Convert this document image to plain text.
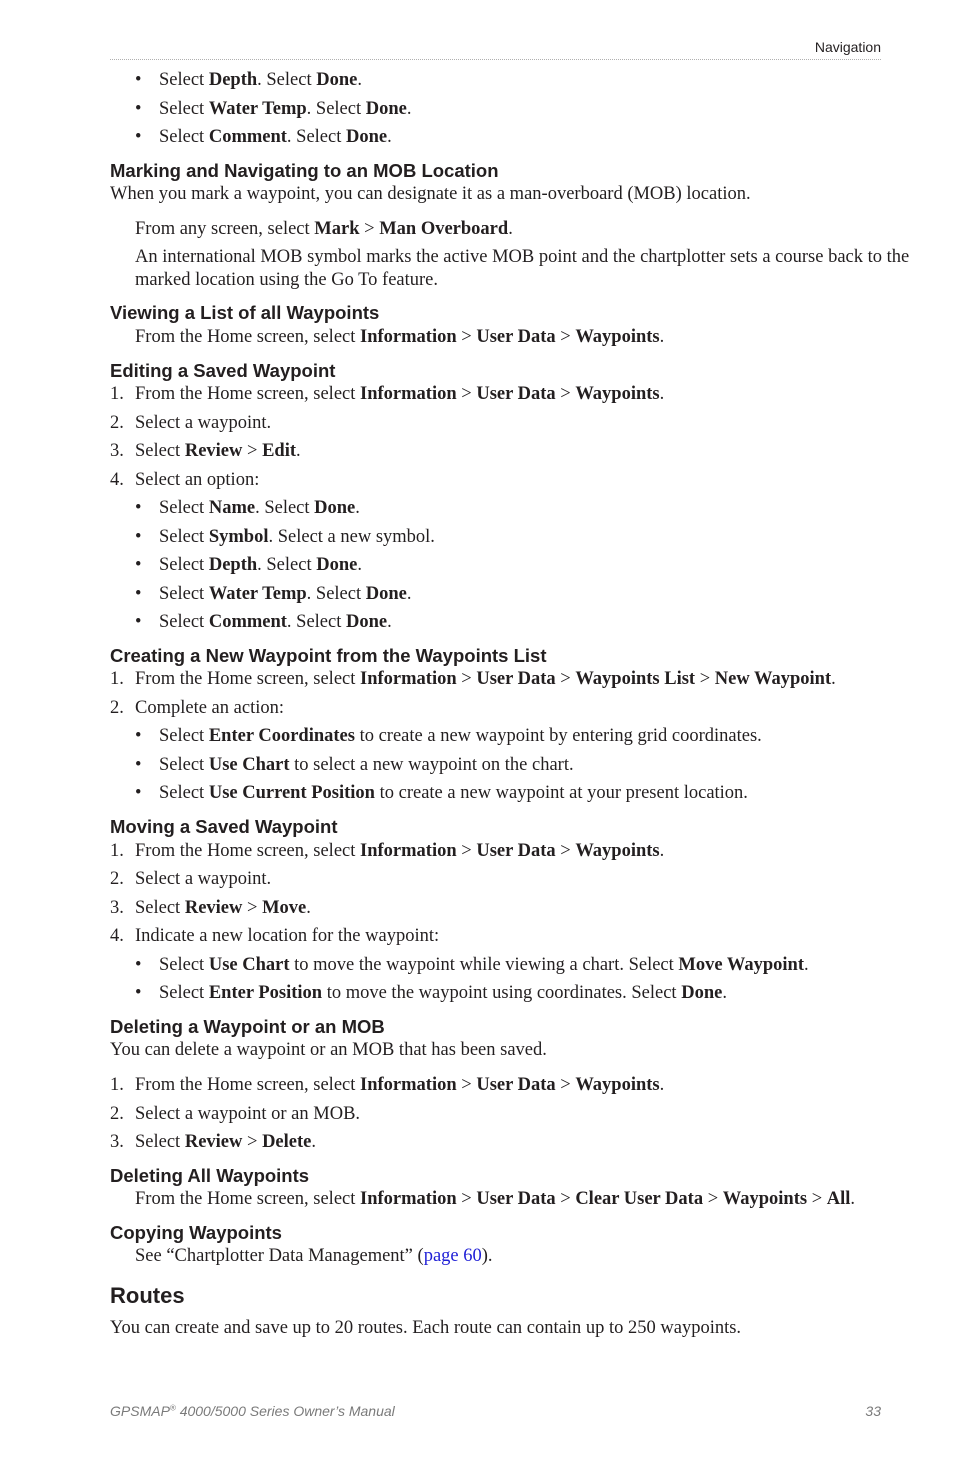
Navigation
• Select Depth. Select Done.
• Select Water Temp. Select Done.
• Select Comment. Select Done.
Marking and Navigating to an MOB Location
When you mark a waypoint, you can designate it as a man-overboard (MOB) location.
From any screen, select Mark > Man Overboard.
An international MOB symbol marks the active MOB point and the chartplotter sets a course back to the
marked location using the Go To feature.
Viewing a List of all Waypoints
From the Home screen, select Information > User Data > Waypoints.
Editing a Saved Waypoint
1. From the Home screen, select Information > User Data > Waypoints.
2. Select a waypoint.
3. Select Review > Edit.
4. Select an option:
• Select Name. Select Done.
• Select Symbol. Select a new symbol.
• Select Depth. Select Done.
• Select Water Temp. Select Done.
• Select Comment. Select Done.
Creating a New Waypoint from the Waypoints List
1. From the Home screen, select Information > User Data > Waypoints List > New Waypoint.
2. Complete an action:
• Select Enter Coordinates to create a new waypoint by entering grid coordinates.
• Select Use Chart to select a new waypoint on the chart.
• Select Use Current Position to create a new waypoint at your present location.
Moving a Saved Waypoint
1. From the Home screen, select Information > User Data > Waypoints.
2. Select a waypoint.
3. Select Review > Move.
4. Indicate a new location for the waypoint:
• Select Use Chart to move the waypoint while viewing a chart. Select Move Waypoint.
• Select Enter Position to move the waypoint using coordinates. Select Done.
Deleting a Waypoint or an MOB
You can delete a waypoint or an MOB that has been saved.
1. From the Home screen, select Information > User Data > Waypoints.
2. Select a waypoint or an MOB.
3. Select Review > Delete.
Deleting All Waypoints
From the Home screen, select Information > User Data > Clear User Data > Waypoints > All.
Copying Waypoints
See “Chartplotter Data Management” (page 60).
Routes
You can create and save up to 20 routes. Each route can contain up to 250 waypoints.
GPSMAP® 4000/5000 Series Owner’s Manual	33
